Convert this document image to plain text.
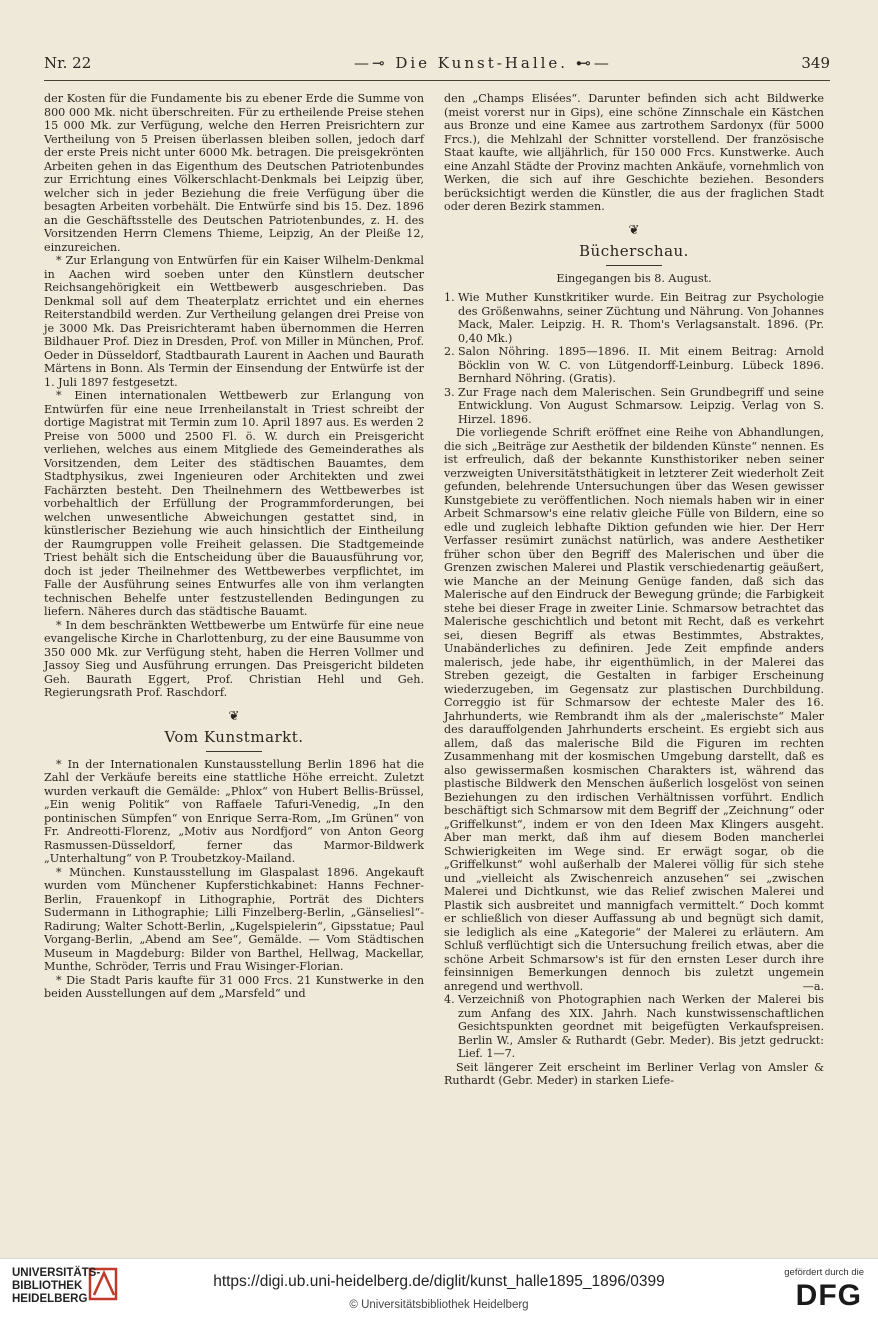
Nr. 22	—⊸ Die Kunst-Halle. ⊷—	349

der Kosten für die Fundamente bis zu ebener Erde die Summe von 800 000 Mk. nicht überschreiten. Für zu ertheilende Preise stehen 15 000 Mk. zur Verfügung, welche den Herren Preisrichtern zur Vertheilung von 5 Preisen überlassen bleiben sollen, jedoch darf der erste Preis nicht unter 6000 Mk. betragen. Die preisgekrönten Arbeiten gehen in das Eigenthum des Deutschen Patriotenbundes zur Errichtung eines Völkerschlacht-Denkmals bei Leipzig über, welcher sich in jeder Beziehung die freie Verfügung über die besagten Arbeiten vorbehält. Die Entwürfe sind bis 15. Dez. 1896 an die Geschäftsstelle des Deutschen Patriotenbundes, z. H. des Vorsitzenden Herrn Clemens Thieme, Leipzig, An der Pleiße 12, einzureichen.

* Zur Erlangung von Entwürfen für ein Kaiser Wilhelm-Denkmal in Aachen wird soeben unter den Künstlern deutscher Reichsangehörigkeit ein Wettbewerb ausgeschrieben. Das Denkmal soll auf dem Theaterplatz errichtet und ein ehernes Reiterstandbild werden. Zur Vertheilung gelangen drei Preise von je 3000 Mk. Das Preisrichteramt haben übernommen die Herren Bildhauer Prof. Diez in Dresden, Prof. von Miller in München, Prof. Oeder in Düsseldorf, Stadtbaurath Laurent in Aachen und Baurath Märtens in Bonn. Als Termin der Einsendung der Entwürfe ist der 1. Juli 1897 festgesetzt.

* Einen internationalen Wettbewerb zur Erlangung von Entwürfen für eine neue Irrenheilanstalt in Triest schreibt der dortige Magistrat mit Termin zum 10. April 1897 aus. Es werden 2 Preise von 5000 und 2500 Fl. ö. W. durch ein Preisgericht verliehen, welches aus einem Mitgliede des Gemeinderathes als Vorsitzenden, dem Leiter des städtischen Bauamtes, dem Stadtphysikus, zwei Ingenieuren oder Architekten und zwei Fachärzten besteht. Den Theilnehmern des Wettbewerbes ist vorbehaltlich der Erfüllung der Programmforderungen, bei welchen unwesentliche Abweichungen gestattet sind, in künstlerischer Beziehung wie auch hinsichtlich der Eintheilung der Raumgruppen volle Freiheit gelassen. Die Stadtgemeinde Triest behält sich die Entscheidung über die Bauausführung vor, doch ist jeder Theilnehmer des Wettbewerbes verpflichtet, im Falle der Ausführung seines Entwurfes alle von ihm verlangten technischen Behelfe unter festzustellenden Bedingungen zu liefern. Näheres durch das städtische Bauamt.

* In dem beschränkten Wettbewerbe um Entwürfe für eine neue evangelische Kirche in Charlottenburg, zu der eine Bausumme von 350 000 Mk. zur Verfügung steht, haben die Herren Vollmer und Jassoy Sieg und Ausführung errungen. Das Preisgericht bildeten Geh. Baurath Eggert, Prof. Christian Hehl und Geh. Regierungsrath Prof. Raschdorf.

❦
Vom Kunstmarkt.

* In der Internationalen Kunstausstellung Berlin 1896 hat die Zahl der Verkäufe bereits eine stattliche Höhe erreicht. Zuletzt wurden verkauft die Gemälde: „Phlox“ von Hubert Bellis-Brüssel, „Ein wenig Politik“ von Raffaele Tafuri-Venedig, „In den pontinischen Sümpfen“ von Enrique Serra-Rom, „Im Grünen“ von Fr. Andreotti-Florenz, „Motiv aus Nordfjord“ von Anton Georg Rasmussen-Düsseldorf, ferner das Marmor-Bildwerk „Unterhaltung“ von P. Troubetzkoy-Mailand.

* München. Kunstausstellung im Glaspalast 1896. Angekauft wurden vom Münchener Kupferstichkabinet: Hanns Fechner-Berlin, Frauenkopf in Lithographie, Porträt des Dichters Sudermann in Lithographie; Lilli Finzelberg-Berlin, „Gänseliesl“-Radirung; Walter Schott-Berlin, „Kugelspielerin“, Gipsstatue; Paul Vorgang-Berlin, „Abend am See“, Gemälde. — Vom Städtischen Museum in Magdeburg: Bilder von Barthel, Hellwag, Mackellar, Munthe, Schröder, Terris und Frau Wisinger-Florian.

* Die Stadt Paris kaufte für 31 000 Frcs. 21 Kunstwerke in den beiden Ausstellungen auf dem „Marsfeld“ und

den „Champs Elisées“. Darunter befinden sich acht Bildwerke (meist vorerst nur in Gips), eine schöne Zinnschale ein Kästchen aus Bronze und eine Kamee aus zartrothem Sardonyx (für 5000 Frcs.), die Mehlzahl der Schnitter vorstellend. Der französische Staat kaufte, wie alljährlich, für 150 000 Frcs. Kunstwerke. Auch eine Anzahl Städte der Provinz machten Ankäufe, vornehmlich von Werken, die sich auf ihre Geschichte beziehen. Besonders berücksichtigt werden die Künstler, die aus der fraglichen Stadt oder deren Bezirk stammen.

❦
Bücherschau.
Eingegangen bis 8. August.

1. Wie Muther Kunstkritiker wurde. Ein Beitrag zur Psychologie des Größenwahns, seiner Züchtung und Nährung. Von Johannes Mack, Maler. Leipzig. H. R. Thom's Verlagsanstalt. 1896. (Pr. 0,40 Mk.)

2. Salon Nöhring. 1895—1896. II. Mit einem Beitrag: Arnold Böcklin von W. C. von Lütgendorff-Leinburg. Lübeck 1896. Bernhard Nöhring. (Gratis).

3. Zur Frage nach dem Malerischen. Sein Grundbegriff und seine Entwicklung. Von August Schmarsow. Leipzig. Verlag von S. Hirzel. 1896.

Die vorliegende Schrift eröffnet eine Reihe von Abhandlungen, die sich „Beiträge zur Aesthetik der bildenden Künste“ nennen. Es ist erfreulich, daß der bekannte Kunsthistoriker neben seiner verzweigten Universitätsthätigkeit in letzterer Zeit wiederholt Zeit gefunden, belehrende Untersuchungen über das Wesen gewisser Kunstgebiete zu veröffentlichen. Noch niemals haben wir in einer Arbeit Schmarsow's eine relativ gleiche Fülle von Bildern, eine so edle und zugleich lebhafte Diktion gefunden wie hier. Der Herr Verfasser resümirt zunächst natürlich, was andere Aesthetiker früher schon über den Begriff des Malerischen und über die Grenzen zwischen Malerei und Plastik verschiedenartig geäußert, wie Manche an der Meinung Genüge fanden, daß sich das Malerische auf den Eindruck der Bewegung gründe; die Farbigkeit stehe bei dieser Frage in zweiter Linie. Schmarsow betrachtet das Malerische geschichtlich und betont mit Recht, daß es verkehrt sei, diesen Begriff als etwas Bestimmtes, Abstraktes, Unabänderliches zu definiren. Jede Zeit empfinde anders malerisch, jede habe, ihr eigenthümlich, in der Malerei das Streben gezeigt, die Gestalten in farbiger Erscheinung wiederzugeben, im Gegensatz zur plastischen Durchbildung. Correggio ist für Schmarsow der echteste Maler des 16. Jahrhunderts, wie Rembrandt ihm als der „malerischste“ Maler des darauffolgenden Jahrhunderts erscheint. Es ergiebt sich aus allem, daß das malerische Bild die Figuren im rechten Zusammenhang mit der kosmischen Umgebung darstellt, daß es also gewissermaßen kosmischen Charakters ist, während das plastische Bildwerk den Menschen äußerlich losgelöst von seinen Beziehungen zu den irdischen Verhältnissen vorführt. Endlich beschäftigt sich Schmarsow mit dem Begriff der „Zeichnung“ oder „Griffelkunst“, indem er von den Ideen Max Klingers ausgeht. Aber man merkt, daß ihm auf diesem Boden mancherlei Schwierigkeiten im Wege sind. Er erwägt sogar, ob die „Griffelkunst“ wohl außerhalb der Malerei völlig für sich stehe und „vielleicht als Zwischenreich anzusehen“ sei „zwischen Malerei und Dichtkunst, wie das Relief zwischen Malerei und Plastik sich ausbreitet und mannigfach vermittelt.“ Doch kommt er schließlich von dieser Auffassung ab und begnügt sich damit, sie lediglich als eine „Kategorie“ der Malerei zu erläutern. Am Schluß verflüchtigt sich die Untersuchung freilich etwas, aber die schöne Arbeit Schmarsow's ist für den ernsten Leser durch ihre feinsinnigen Bemerkungen dennoch bis zuletzt ungemein anregend und werthvoll.	—a.

4. Verzeichniß von Photographien nach Werken der Malerei bis zum Anfang des XIX. Jahrh. Nach kunstwissenschaftlichen Gesichtspunkten geordnet mit beigefügten Verkaufspreisen. Berlin W., Amsler & Ruthardt (Gebr. Meder). Bis jetzt gedruckt: Lief. 1—7.

Seit längerer Zeit erscheint im Berliner Verlag von Amsler & Ruthardt (Gebr. Meder) in starken Liefe-

UNIVERSITÄTS-
BIBLIOTHEK
HEIDELBERG
https://digi.ub.uni-heidelberg.de/diglit/kunst_halle1895_1896/0399
© Universitätsbibliothek Heidelberg
gefördert durch die
DFG
